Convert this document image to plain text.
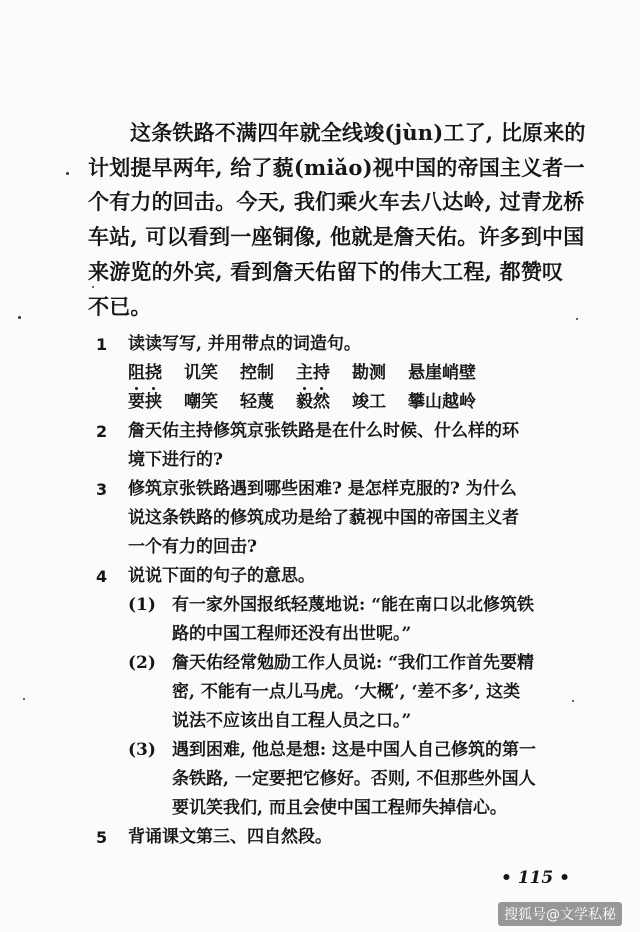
这条铁路不满四年就全线竣(jùn)工了, 比原来的
计划提早两年, 给了藐(miǎo)视中国的帝国主义者一
个有力的回击。今天, 我们乘火车去八达岭, 过青龙桥
车站, 可以看到一座铜像, 他就是詹天佑。许多到中国
来游览的外宾, 看到詹天佑留下的伟大工程, 都赞叹
不已。
1	读读写写, 并用带点的词造句。
阻挠	讥笑	控制	主持	勘测	悬崖峭壁
要挟	嘲笑	轻蔑	毅然	竣工	攀山越岭
2	詹天佑主持修筑京张铁路是在什么时候、什么样的环
境下进行的?
3	修筑京张铁路遇到哪些困难? 是怎样克服的? 为什么
说这条铁路的修筑成功是给了藐视中国的帝国主义者
一个有力的回击?
4	说说下面的句子的意思。
(1) 有一家外国报纸轻蔑地说: “能在南口以北修筑铁
路的中国工程师还没有出世呢。”
(2) 詹天佑经常勉励工作人员说: “我们工作首先要精
密, 不能有一点儿马虎。‘大概’, ‘差不多’, 这类
说法不应该出自工程人员之口。”
(3) 遇到困难, 他总是想: 这是中国人自己修筑的第一
条铁路, 一定要把它修好。否则, 不但那些外国人
要讥笑我们, 而且会使中国工程师失掉信心。
5	背诵课文第三、四自然段。
• 115 •
搜狐号@文学私秘
